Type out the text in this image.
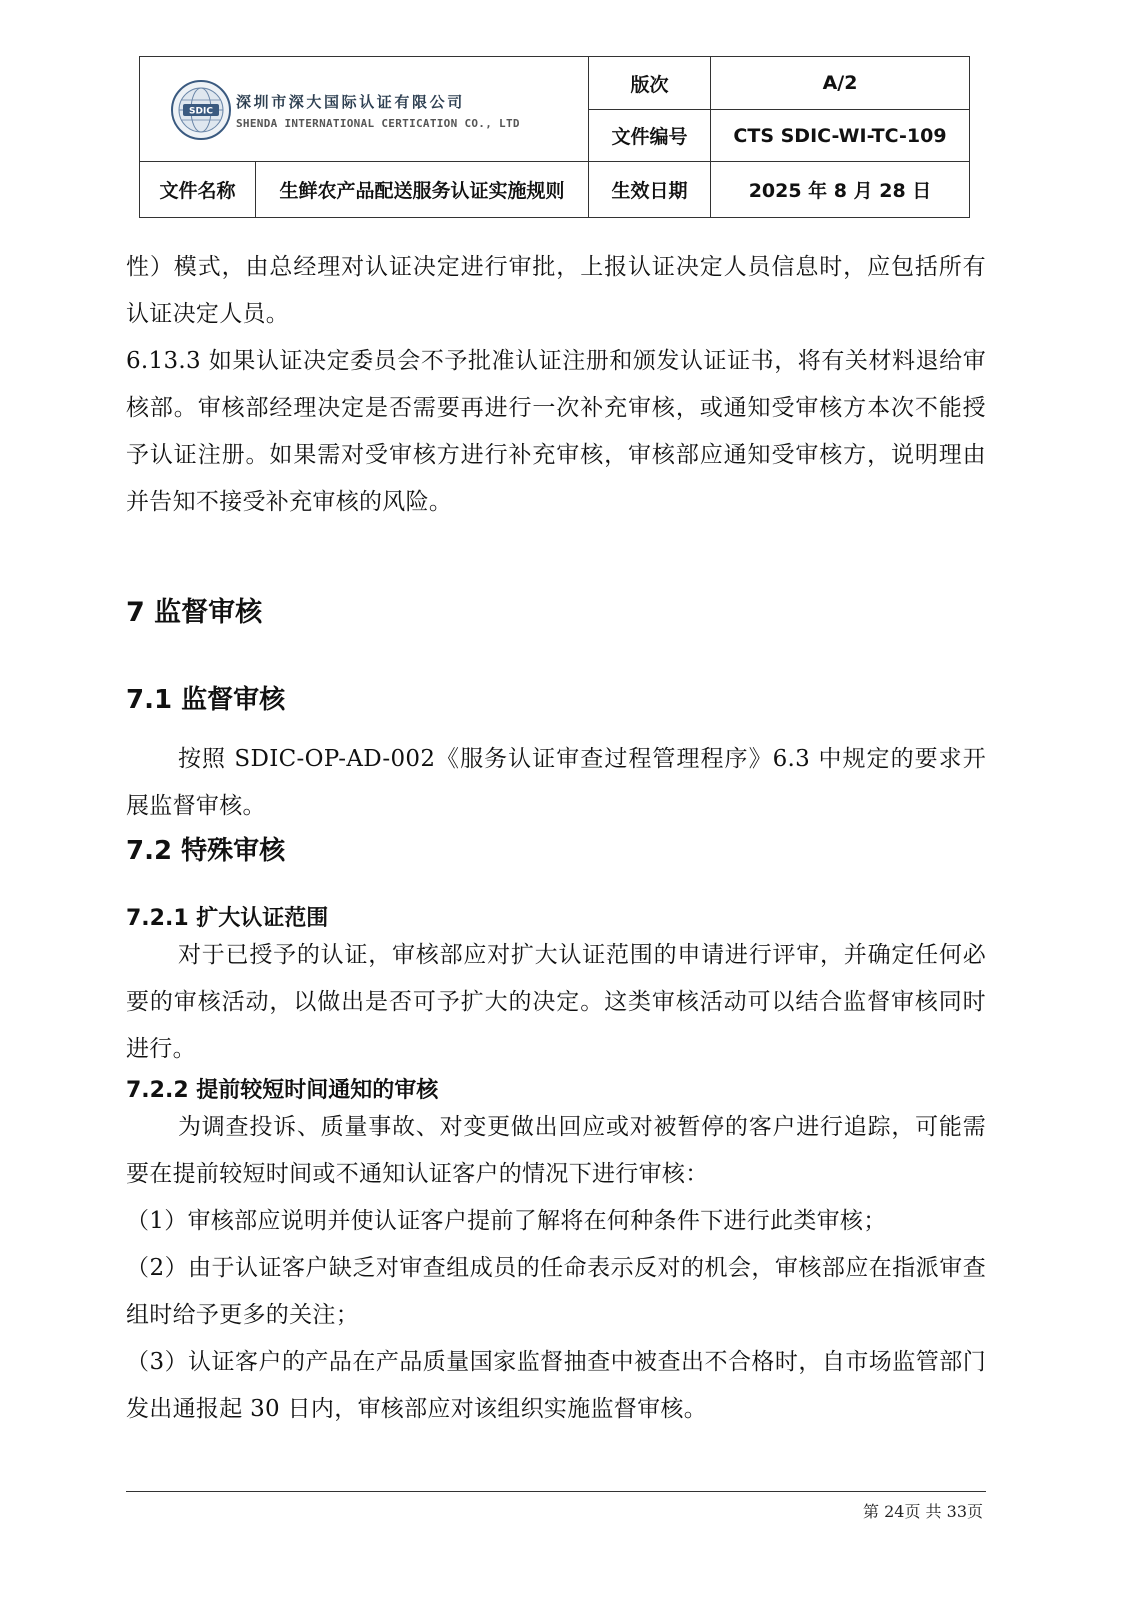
SDIC
深圳市深大国际认证有限公司
SHENDA INTERNATIONAL CERTICATION CO., LTD		版次	A/2
		文件编号	CTS SDIC-WI-TC-109
文件名称	生鲜农产品配送服务认证实施规则	生效日期	2025 年 8 月 28 日

性）模式，由总经理对认证决定进行审批，上报认证决定人员信息时，应包括所有认证决定人员。

6.13.3 如果认证决定委员会不予批准认证注册和颁发认证证书，将有关材料退给审核部。审核部经理决定是否需要再进行一次补充审核，或通知受审核方本次不能授予认证注册。如果需对受审核方进行补充审核，审核部应通知受审核方，说明理由并告知不接受补充审核的风险。

7 监督审核
7.1 监督审核

按照 SDIC-OP-AD-002《服务认证审查过程管理程序》6.3 中规定的要求开展监督审核。

7.2 特殊审核
7.2.1 扩大认证范围

对于已授予的认证，审核部应对扩大认证范围的申请进行评审，并确定任何必要的审核活动，以做出是否可予扩大的决定。这类审核活动可以结合监督审核同时进行。

7.2.2 提前较短时间通知的审核

为调查投诉、质量事故、对变更做出回应或对被暂停的客户进行追踪，可能需要在提前较短时间或不通知认证客户的情况下进行审核：

（1）审核部应说明并使认证客户提前了解将在何种条件下进行此类审核；

（2）由于认证客户缺乏对审查组成员的任命表示反对的机会，审核部应在指派审查组时给予更多的关注；

（3）认证客户的产品在产品质量国家监督抽查中被查出不合格时，自市场监管部门发出通报起 30 日内，审核部应对该组织实施监督审核。

第 24页 共 33页
